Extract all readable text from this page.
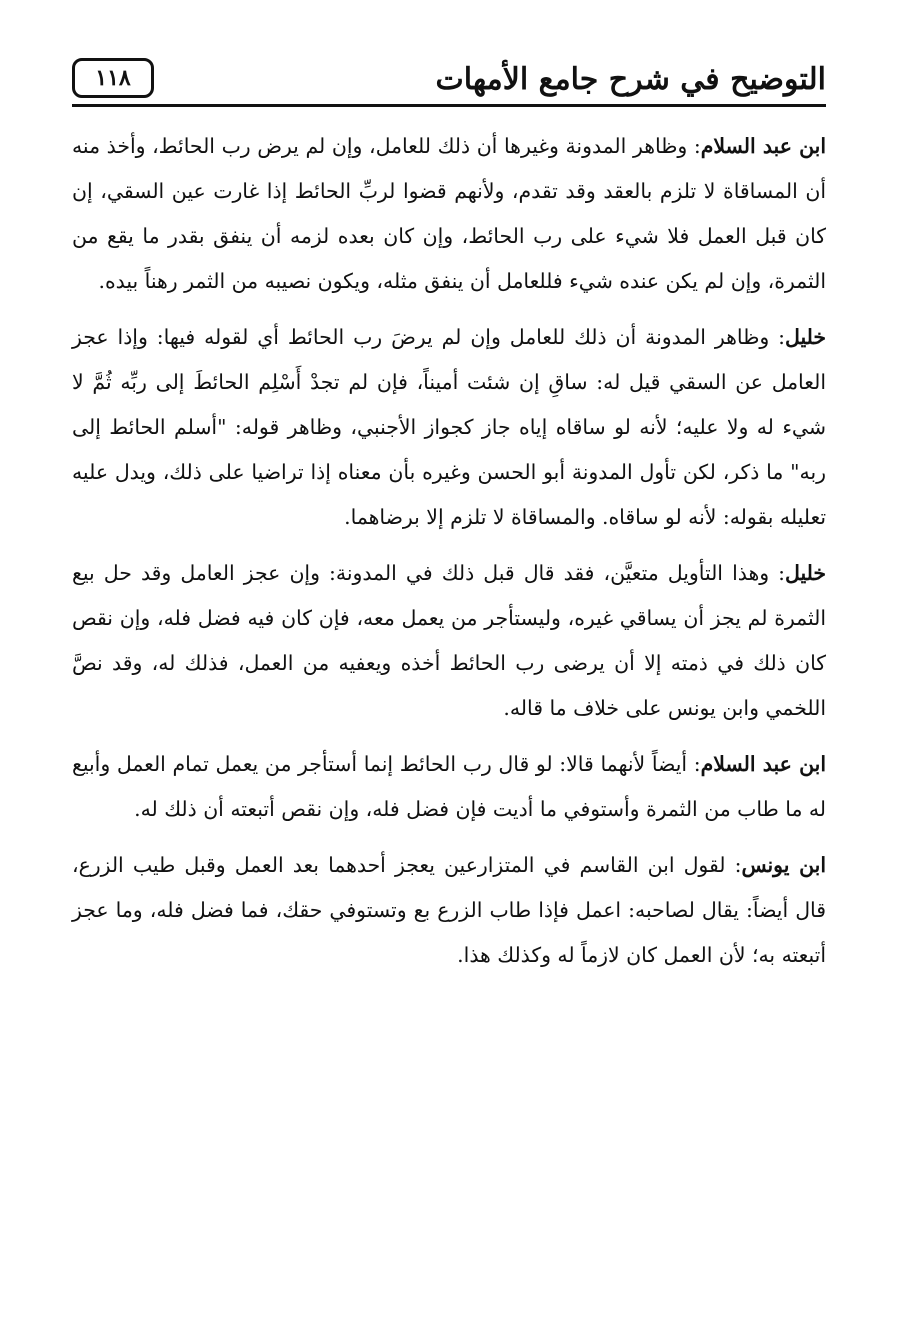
التوضيح في شرح جامع الأمهات
١١٨

ابن عبد السلام : وظاهر المدونة وغيرها أن ذلك للعامل، وإن لم يرض رب الحائط، وأخذ منه أن المساقاة لا تلزم بالعقد وقد تقدم، ولأنهم قضوا لربِّ الحائط إذا غارت عين السقي، إن كان قبل العمل فلا شيء على رب الحائط، وإن كان بعده لزمه أن ينفق بقدر ما يقع من الثمرة، وإن لم يكن عنده شيء فللعامل أن ينفق مثله، ويكون نصيبه من الثمر رهناً بيده.

خليل : وظاهر المدونة أن ذلك للعامل وإن لم يرضَ رب الحائط أي لقوله فيها: وإذا عجز العامل عن السقي قيل له: ساقِ إن شئت أميناً، فإن لم تجدْ أَسْلِم الحائطَ إلى ربِّه ثُمَّ لا شيء له ولا عليه؛ لأنه لو ساقاه إياه جاز كجواز الأجنبي، وظاهر قوله: "أسلم الحائط إلى ربه" ما ذكر، لكن تأول المدونة أبو الحسن وغيره بأن معناه إذا تراضيا على ذلك، ويدل عليه تعليله بقوله: لأنه لو ساقاه. والمساقاة لا تلزم إلا برضاهما.

خليل : وهذا التأويل متعيَّن، فقد قال قبل ذلك في المدونة: وإن عجز العامل وقد حل بيع الثمرة لم يجز أن يساقي غيره، وليستأجر من يعمل معه، فإن كان فيه فضل فله، وإن نقص كان ذلك في ذمته إلا أن يرضى رب الحائط أخذه ويعفيه من العمل، فذلك له، وقد نصَّ اللخمي وابن يونس على خلاف ما قاله.

ابن عبد السلام : أيضاً لأنهما قالا: لو قال رب الحائط إنما أستأجر من يعمل تمام العمل وأبيع له ما طاب من الثمرة وأستوفي ما أديت فإن فضل فله، وإن نقص أتبعته أن ذلك له.

ابن يونس : لقول ابن القاسم في المتزارعين يعجز أحدهما بعد العمل وقبل طيب الزرع، قال أيضاً: يقال لصاحبه: اعمل فإذا طاب الزرع بع وتستوفي حقك، فما فضل فله، وما عجز أتبعته به؛ لأن العمل كان لازماً له وكذلك هذا.
